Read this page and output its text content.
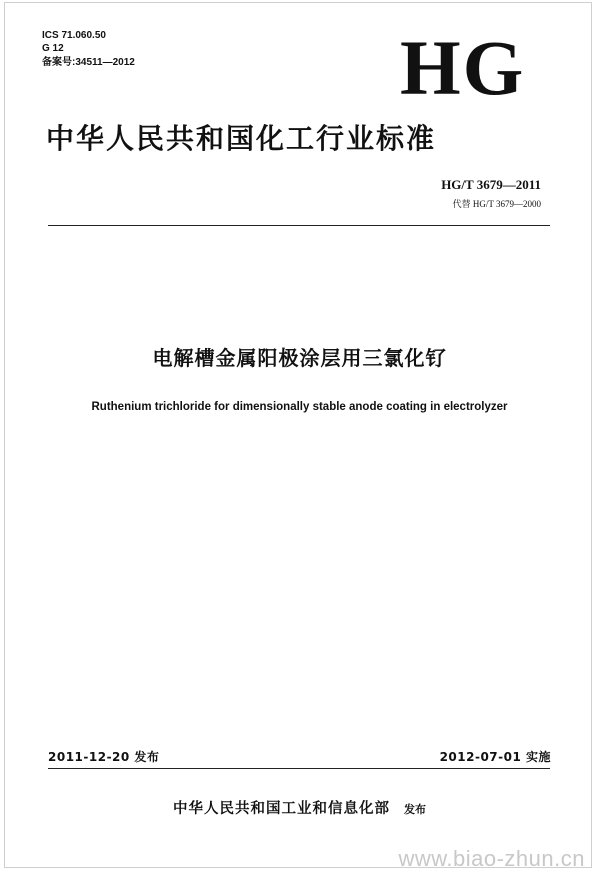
ICS 71.060.50
G 12
备案号:34511—2012	HG
中华人民共和国化工行业标准
HG/T 3679—2011
代替 HG/T 3679—2000
电解槽金属阳极涂层用三氯化钌
Ruthenium trichloride for dimensionally stable anode coating in electrolyzer
2011-12-20 发布	2012-07-01 实施
中华人民共和国工业和信息化部 发布
www.biao-zhun.cn
